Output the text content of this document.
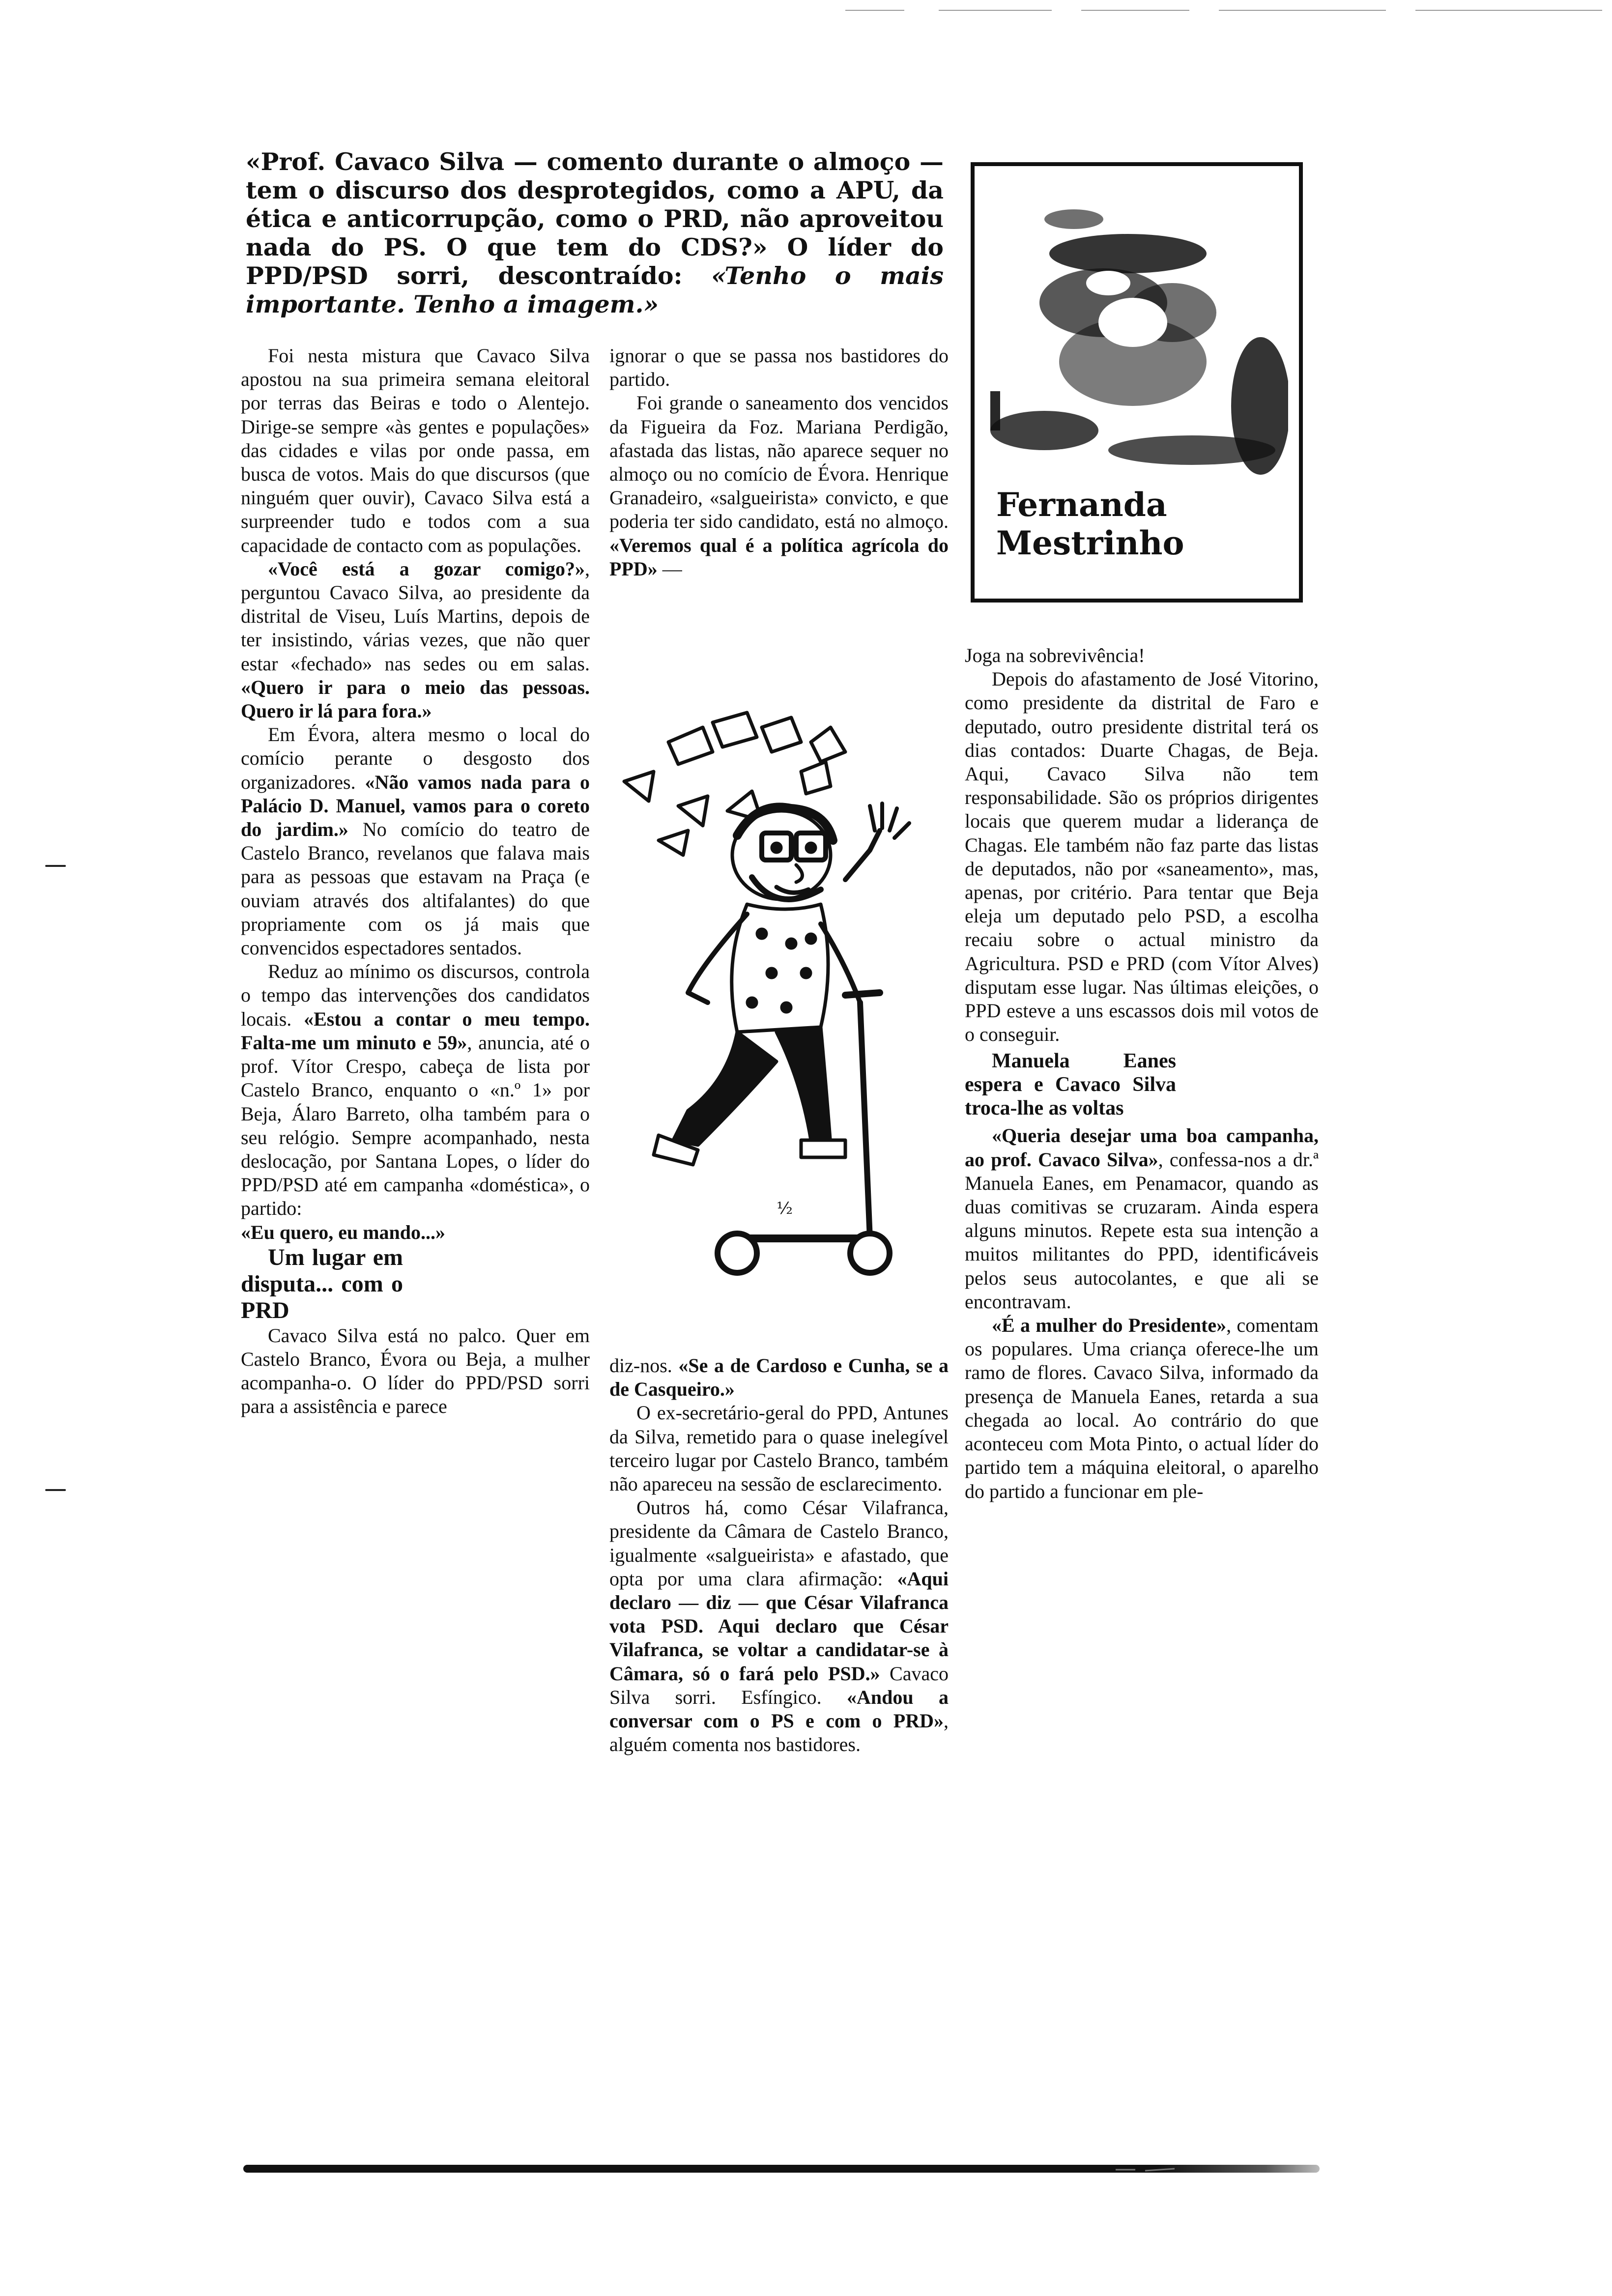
«Prof. Cavaco Silva — comento durante o almoço — tem o discurso dos desprotegidos, como a APU, da ética e anticorrupção, como o PRD, não aproveitou nada do PS. O que tem do CDS?» O líder do PPD/PSD sorri, descontraído: «Tenho o mais importante. Tenho a imagem.»

Foi nesta mistura que Cavaco Silva apostou na sua primeira semana eleitoral por terras das Beiras e todo o Alentejo. Dirige-se sempre «às gentes e populações» das cidades e vilas por onde passa, em busca de votos. Mais do que discursos (que ninguém quer ouvir), Cavaco Silva está a surpreender tudo e todos com a sua capacidade de contacto com as populações.

«Você está a gozar comigo?», perguntou Cavaco Silva, ao presidente da distrital de Viseu, Luís Martins, depois de ter insistindo, várias vezes, que não quer estar «fechado» nas sedes ou em salas. «Quero ir para o meio das pessoas. Quero ir lá para fora.»

Em Évora, altera mesmo o local do comício perante o desgosto dos organizadores. «Não vamos nada para o Palácio D. Manuel, vamos para o coreto do jardim.» No comício do teatro de Castelo Branco, revelanos que falava mais para as pessoas que estavam na Praça (e ouviam através dos altifalantes) do que propriamente com os já mais que convencidos espectadores sentados.

Reduz ao mínimo os discursos, controla o tempo das intervenções dos candidatos locais. «Estou a contar o meu tempo. Falta-me um minuto e 59», anuncia, até o prof. Vítor Crespo, cabeça de lista por Castelo Branco, enquanto o «n.º 1» por Beja, Álaro Barreto, olha também para o seu relógio. Sempre acompanhado, nesta deslocação, por Santana Lopes, o líder do PPD/PSD até em campanha «doméstica», o partido:

«Eu quero, eu mando...»

Um lugar em disputa... com o PRD

Cavaco Silva está no palco. Quer em Castelo Branco, Évora ou Beja, a mulher acompanha-o. O líder do PPD/PSD sorri para a assistência e parece

ignorar o que se passa nos bastidores do partido.

Foi grande o saneamento dos vencidos da Figueira da Foz. Mariana Perdigão, afastada das listas, não aparece sequer no almoço ou no comício de Évora. Henrique Granadeiro, «salgueirista» convicto, e que poderia ter sido candidato, está no almoço. «Veremos qual é a política agrícola do PPD» —

½

diz-nos. «Se a de Cardoso e Cunha, se a de Casqueiro.»

O ex-secretário-geral do PPD, Antunes da Silva, remetido para o quase inelegível terceiro lugar por Castelo Branco, também não apareceu na sessão de esclarecimento.

Outros há, como César Vilafranca, presidente da Câmara de Castelo Branco, igualmente «salgueirista» e afastado, que opta por uma clara afirmação: «Aqui declaro — diz — que César Vilafranca vota PSD. Aqui declaro que César Vilafranca, se voltar a candidatar-se à Câmara, só o fará pelo PSD.» Cavaco Silva sorri. Esfíngico. «Andou a conversar com o PS e com o PRD», alguém comenta nos bastidores.

Fernanda Mestrinho

Joga na sobrevivência!

Depois do afastamento de José Vitorino, como presidente da distrital de Faro e deputado, outro presidente distrital terá os dias contados: Duarte Chagas, de Beja. Aqui, Cavaco Silva não tem responsabilidade. São os próprios dirigentes locais que querem mudar a liderança de Chagas. Ele também não faz parte das listas de deputados, não por «saneamento», mas, apenas, por critério. Para tentar que Beja eleja um deputado pelo PSD, a escolha recaiu sobre o actual ministro da Agricultura. PSD e PRD (com Vítor Alves) disputam esse lugar. Nas últimas eleições, o PPD esteve a uns escassos dois mil votos de o conseguir.

Manuela Eanes espera e Cavaco Silva troca-lhe as voltas

«Queria desejar uma boa campanha, ao prof. Cavaco Silva», confessa-nos a dr.ª Manuela Eanes, em Penamacor, quando as duas comitivas se cruzaram. Ainda espera alguns minutos. Repete esta sua intenção a muitos militantes do PPD, identificáveis pelos seus autocolantes, e que ali se encontravam.

«É a mulher do Presidente», comentam os populares. Uma criança oferece-lhe um ramo de flores. Cavaco Silva, informado da presença de Manuela Eanes, retarda a sua chegada ao local. Ao contrário do que aconteceu com Mota Pinto, o actual líder do partido tem a máquina eleitoral, o aparelho do partido a funcionar em ple-
